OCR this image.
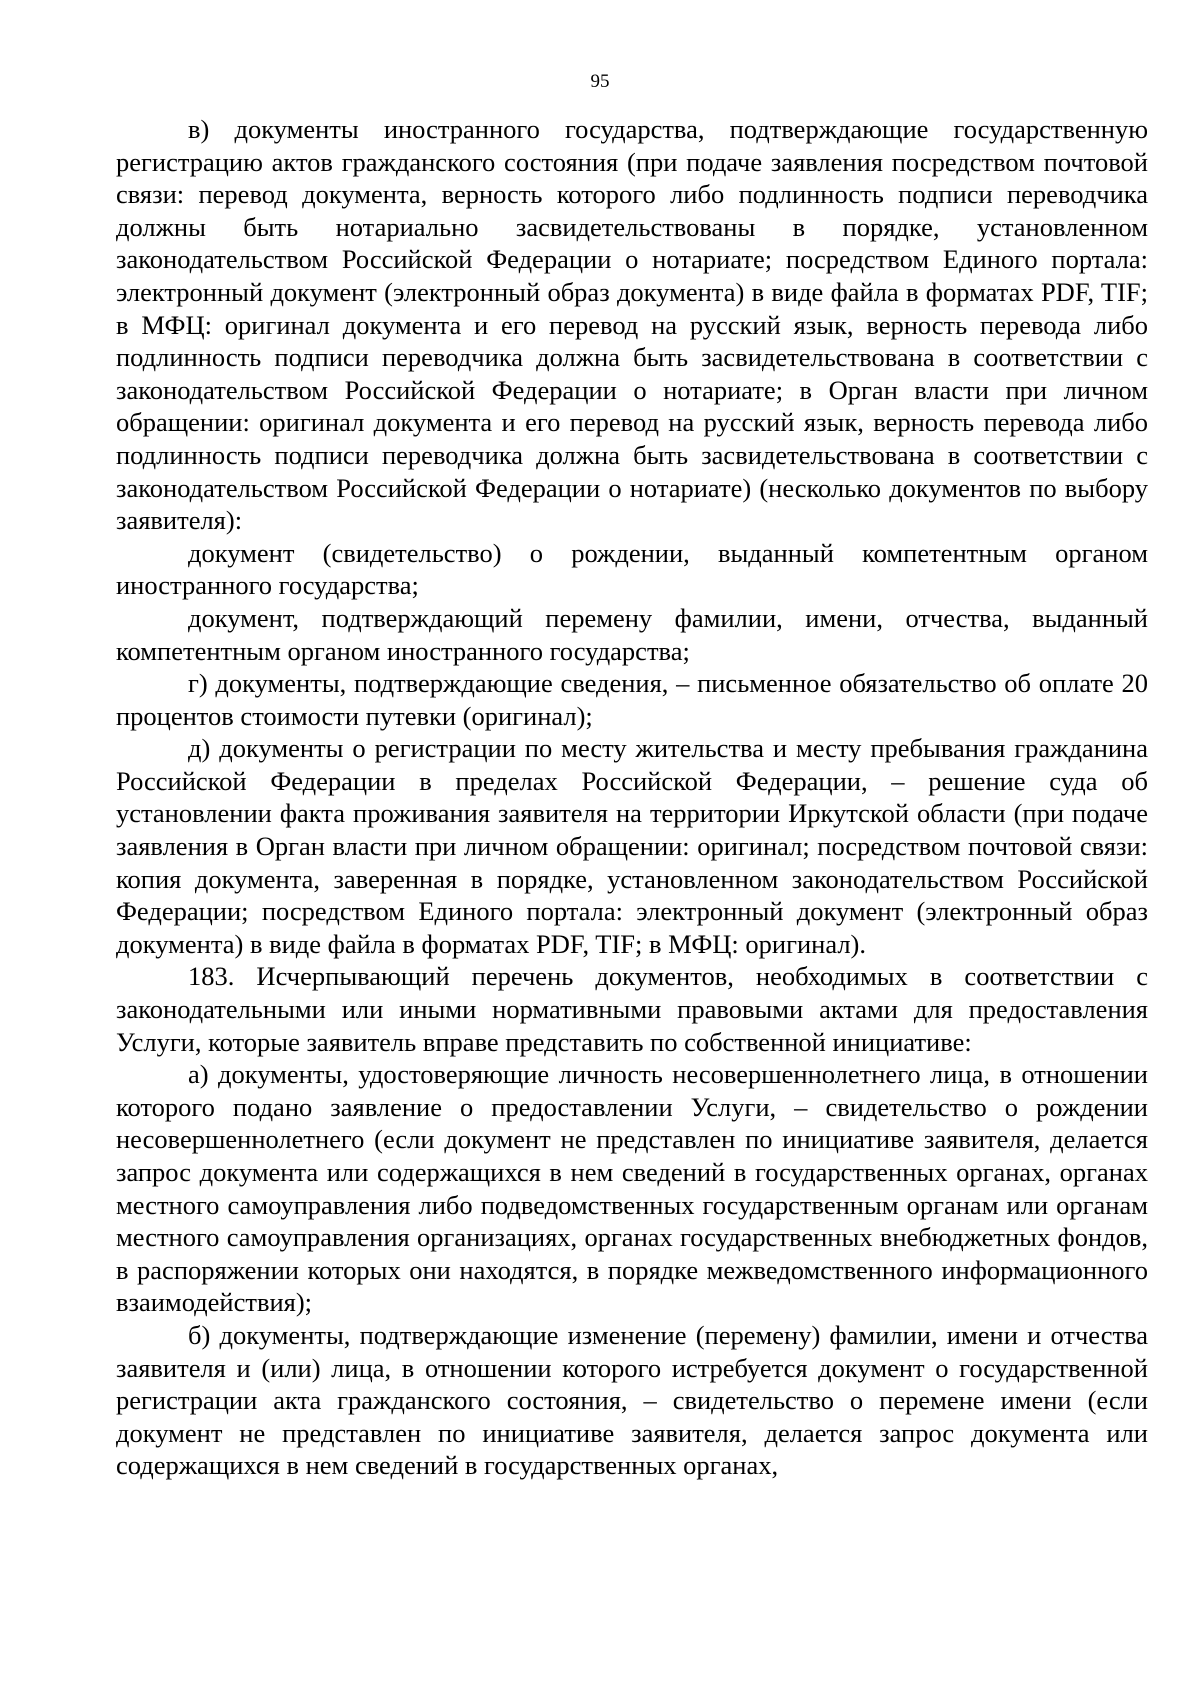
95

в) документы иностранного государства, подтверждающие государственную регистрацию актов гражданского состояния (при подаче заявления посредством почтовой связи: перевод документа, верность которого либо подлинность подписи переводчика должны быть нотариально засвидетельствованы в порядке, установленном законодательством Российской Федерации о нотариате; посредством Единого портала: электронный документ (электронный образ документа) в виде файла в форматах PDF, TIF; в МФЦ: оригинал документа и его перевод на русский язык, верность перевода либо подлинность подписи переводчика должна быть засвидетельствована в соответствии с законодательством Российской Федерации о нотариате; в Орган власти при личном обращении: оригинал документа и его перевод на русский язык, верность перевода либо подлинность подписи переводчика должна быть засвидетельствована в соответствии с законодательством Российской Федерации о нотариате) (несколько документов по выбору заявителя):

документ (свидетельство) о рождении, выданный компетентным органом иностранного государства;

документ, подтверждающий перемену фамилии, имени, отчества, выданный компетентным органом иностранного государства;

г) документы, подтверждающие сведения, – письменное обязательство об оплате 20 процентов стоимости путевки (оригинал);

д) документы о регистрации по месту жительства и месту пребывания гражданина Российской Федерации в пределах Российской Федерации, – решение суда об установлении факта проживания заявителя на территории Иркутской области (при подаче заявления в Орган власти при личном обращении: оригинал; посредством почтовой связи: копия документа, заверенная в порядке, установленном законодательством Российской Федерации; посредством Единого портала: электронный документ (электронный образ документа) в виде файла в форматах PDF, TIF; в МФЦ: оригинал).

183. Исчерпывающий перечень документов, необходимых в соответствии с законодательными или иными нормативными правовыми актами для предоставления Услуги, которые заявитель вправе представить по собственной инициативе:

а) документы, удостоверяющие личность несовершеннолетнего лица, в отношении которого подано заявление о предоставлении Услуги, – свидетельство о рождении несовершеннолетнего (если документ не представлен по инициативе заявителя, делается запрос документа или содержащихся в нем сведений в государственных органах, органах местного самоуправления либо подведомственных государственным органам или органам местного самоуправления организациях, органах государственных внебюджетных фондов, в распоряжении которых они находятся, в порядке межведомственного информационного взаимодействия);

б) документы, подтверждающие изменение (перемену) фамилии, имени и отчества заявителя и (или) лица, в отношении которого истребуется документ о государственной регистрации акта гражданского состояния, – свидетельство о перемене имени (если документ не представлен по инициативе заявителя, делается запрос документа или содержащихся в нем сведений в государственных органах,
